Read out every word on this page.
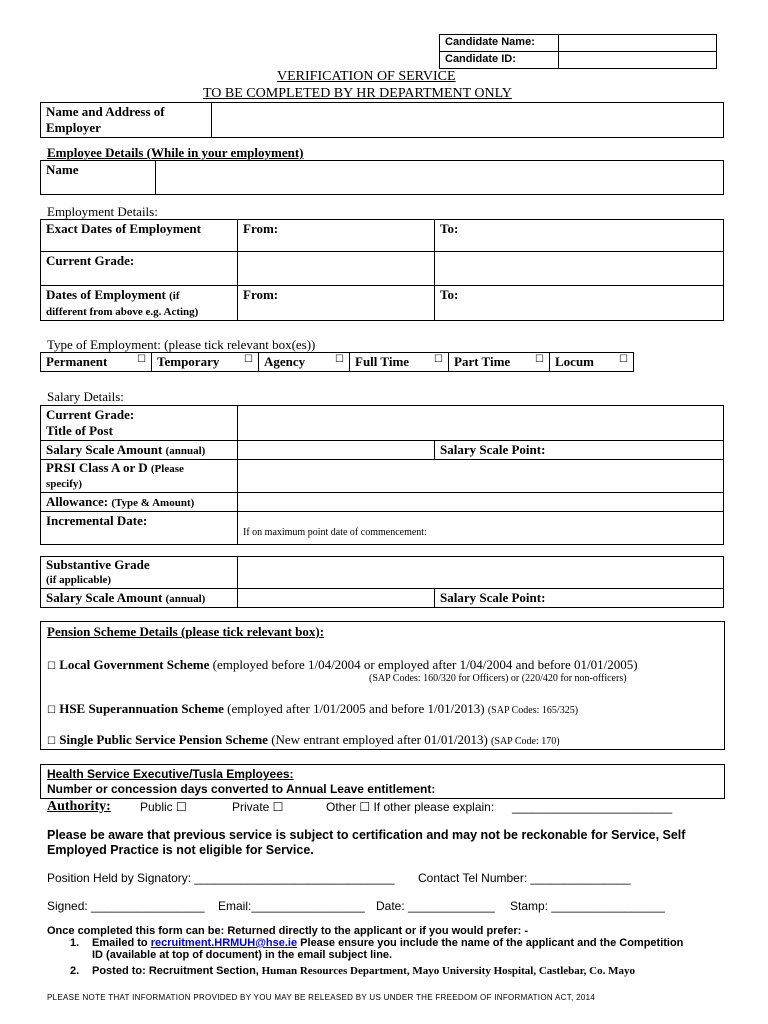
Candidate Name:	
Candidate ID:	
VERIFICATION OF SERVICE
TO BE COMPLETED BY HR DEPARTMENT ONLY
Name and Address of
Employer	
Employee Details (While in your employment)
Name	
Employment Details:
Exact Dates of Employment	From:	To:
Current Grade:		
Dates of Employment (if
different from above e.g. Acting)	From:	To:
Type of Employment: (please tick relevant box(es))
Permanent	☐	Temporary ☐	Agency	☐	Full Time ☐	Part Time ☐	Locum	☐
Salary Details:
Current Grade:
Title of Post		
Salary Scale Amount (annual)		Salary Scale Point:
PRSI Class A or D (Please
specify)		
Allowance: (Type & Amount)		
Incremental Date:	If on maximum point date of commencement:	
Substantive Grade
(if applicable)		
Salary Scale Amount (annual)		Salary Scale Point:
Pension Scheme Details (please tick relevant box):
☐ Local Government Scheme (employed before 1/04/2004 or employed after 1/04/2004 and before 01/01/2005)
(SAP Codes: 160/320 for Officers) or (220/420 for non-officers)
☐ HSE Superannuation Scheme (employed after 1/01/2005 and before 1/01/2013) (SAP Codes: 165/325)
☐ Single Public Service Pension Scheme (New entrant employed after 01/01/2013) (SAP Code: 170)
Health Service Executive/Tusla Employees:
Number or concession days converted to Annual Leave entitlement:
Authority: Public ☐	Private ☐	Other ☐ If other please explain: ________________________
Please be aware that previous service is subject to certification and may not be reckonable for Service, Self Employed Practice is not eligible for Service.
Position Held by Signatory: ______________________________ Contact Tel Number: _______________
Signed: _________________ Email:_________________ Date: _____________ Stamp: _________________
Once completed this form can be: Returned directly to the applicant or if you would prefer: -
1. Emailed to recruitment.HRMUH@hse.ie Please ensure you include the name of the applicant and the Competition
ID (available at top of document) in the email subject line.
2. Posted to: Recruitment Section, Human Resources Department, Mayo University Hospital, Castlebar, Co. Mayo
PLEASE NOTE THAT INFORMATION PROVIDED BY YOU MAY BE RELEASED BY US UNDER THE FREEDOM OF INFORMATION ACT, 2014
